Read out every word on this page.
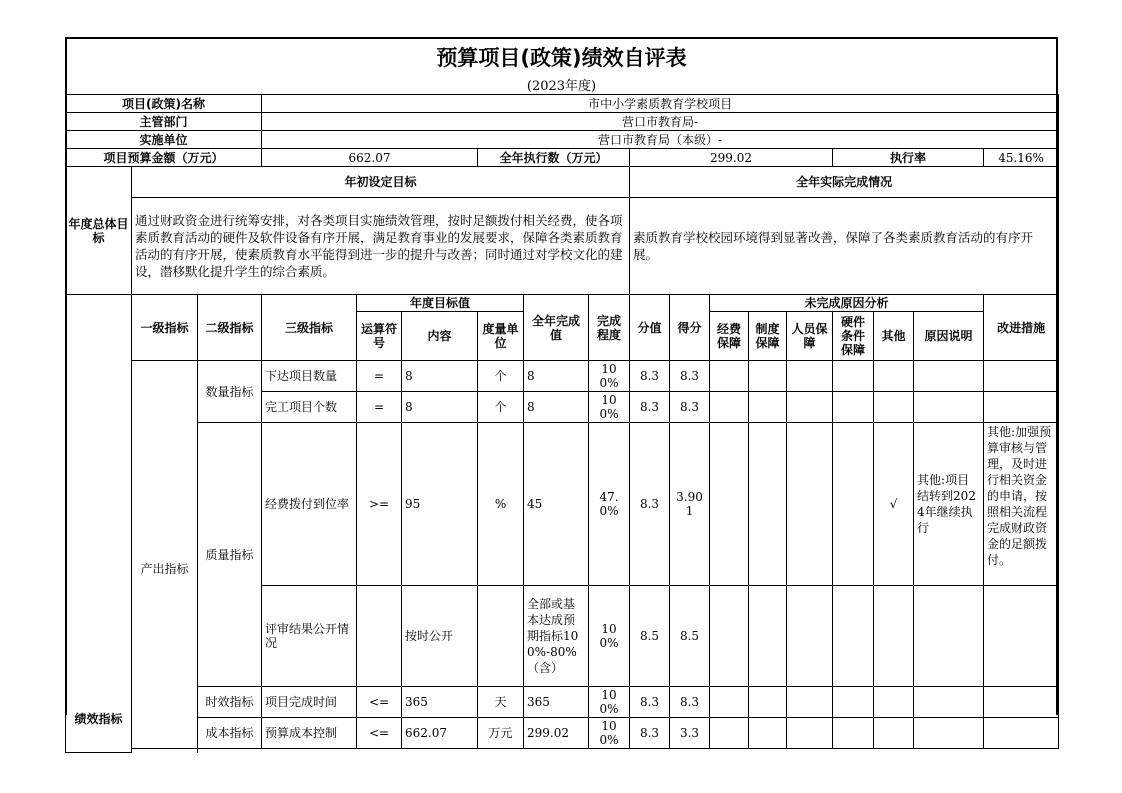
预算项目(政策)绩效自评表
(2023年度)
项目(政策)名称			市中小学素质教育学校项目														
主管部门			营口市教育局-														
实施单位			营口市教育局（本级）-														
项目预算金额（万元）			662.07			全年执行数（万元）			299.02					执行率			45.16%
年度总体目标	年初设定目标								全年实际完成情况								
	通过财政资金进行统筹安排，对各类项目实施绩效管理，按时足额拨付相关经费，使各项素质教育活动的硬件及软件设备有序开展，满足教育事业的发展要求，保障各类素质教育活动的有序开展，使素质教育水平能得到进一步的提升与改善；同时通过对学校文化的建设，潜移默化提升学生的综合素质。								素质教育学校校园环境得到显著改善，保障了各类素质教育活动的有序开展。								
绩效指标	一级指标	二级指标	三级指标	年度目标值			全年完成值	完成程度	分值	得分	未完成原因分析						改进措施
				运算符号	内容	度量单位					经费保障	制度保障	人员保障	硬件条件保障	其他	原因说明	
	产出指标	数量指标	下达项目数量	=	8	个	8	100%	8.3	8.3							
			完工项目个数	=	8	个	8	100%	8.3	8.3							
		质量指标	经费拨付到位率	>=	95	%	45	47.0%	8.3	3.901					√	其他:项目结转到2024年继续执行	其他:加强预算审核与管理，及时进行相关资金的申请，按照相关流程完成财政资金的足额拨付。
			评审结果公开情况		按时公开		全部或基本达成预期指标100%-80%（含）	100%	8.5	8.5							
		时效指标	项目完成时间	<=	365	天	365	100%	8.3	8.3							
		成本指标	预算成本控制	<=	662.07	万元	299.02	100%	8.3	3.3							
